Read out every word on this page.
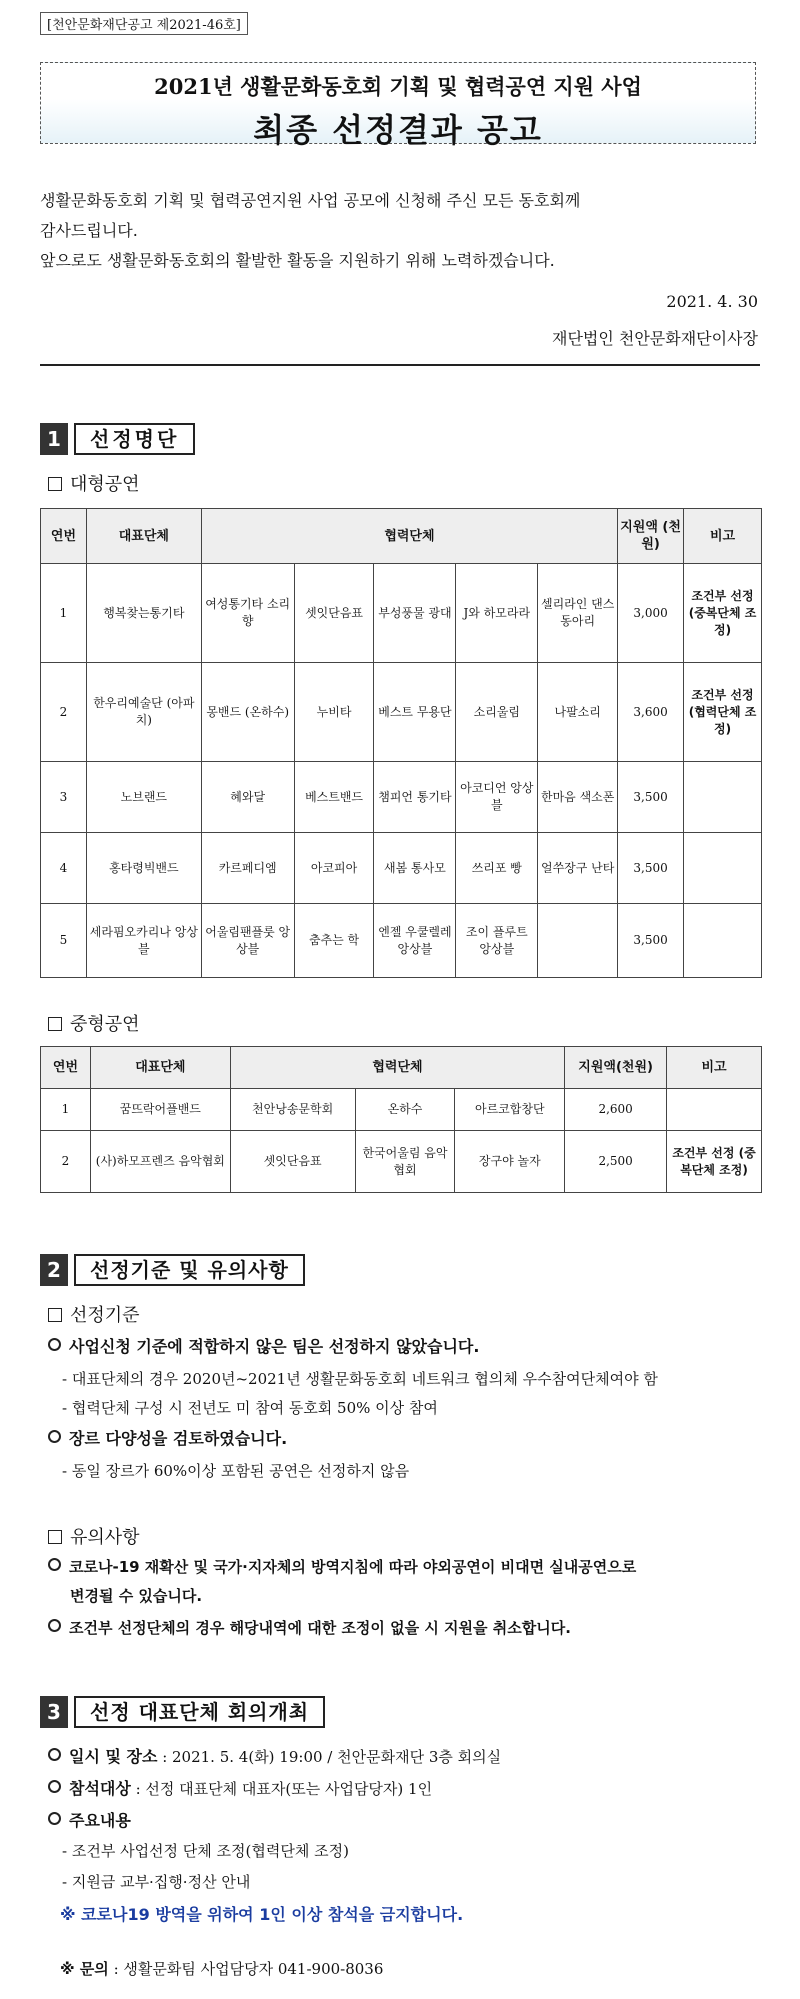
[천안문화재단공고 제2021-46호]
2021년 생활문화동호회 기획 및 협력공연 지원 사업
최종 선정결과 공고
생활문화동호회 기획 및 협력공연지원 사업 공모에 신청해 주신 모든 동호회께
감사드립니다.
앞으로도 생활문화동호회의 활발한 활동을 지원하기 위해 노력하겠습니다.
2021. 4. 30
재단법인 천안문화재단이사장
1 선정명단
대형공연
연번	대표단체	협력단체					지원액 (천원)	비고
1	행복찾는통기타	여성통기타 소리향	셋잇단음표	부성풍물 광대	J와 하모라라	셀리라인 댄스 동아리	3,000	조건부 선정 (중복단체 조정)
2	한우리예술단 (아파치)	몽밴드 (온하수)	누비타	베스트 무용단	소리울림	나팔소리	3,600	조건부 선정 (협력단체 조정)
3	노브랜드	혜와달	베스트밴드	챔피언 통기타	아코디언 앙상블	한마음 색소폰	3,500	
4	홍타령빅밴드	카르페디엠	아코피아	새봄 통사모	쓰리포 빵	얼쑤장구 난타	3,500	
5	세라핌오카리나 앙상블	어울림팬플룻 앙상블	춤추는 학	엔젤 우쿨렐레 앙상블	조이 플루트 앙상블		3,500	
중형공연
연번	대표단체	협력단체			지원액(천원)	비고
1	꿈뜨락어플밴드	천안낭송문학회	온하수	아르코합창단	2,600	
2	(사)하모프렌즈 음악협회	셋잇단음표	한국어울림 음악협회	장구야 놀자	2,500	조건부 선정 (중복단체 조정)
2 선정기준 및 유의사항
선정기준
사업신청 기준에 적합하지 않은 팀은 선정하지 않았습니다.
- 대표단체의 경우 2020년~2021년 생활문화동호회 네트워크 협의체 우수참여단체여야 함
- 협력단체 구성 시 전년도 미 참여 동호회 50% 이상 참여
장르 다양성을 검토하였습니다.
- 동일 장르가 60%이상 포함된 공연은 선정하지 않음
유의사항
코로나-19 재확산 및 국가·지자체의 방역지침에 따라 야외공연이 비대면 실내공연으로
변경될 수 있습니다.
조건부 선정단체의 경우 해당내역에 대한 조정이 없을 시 지원을 취소합니다.
3 선정 대표단체 회의개최
일시 및 장소 : 2021. 5. 4(화) 19:00 / 천안문화재단 3층 회의실
참석대상 : 선정 대표단체 대표자(또는 사업담당자) 1인
주요내용
- 조건부 사업선정 단체 조정(협력단체 조정)
- 지원금 교부·집행·정산 안내
※ 코로나19 방역을 위하여 1인 이상 참석을 금지합니다.
※ 문의 : 생활문화팀 사업담당자 041-900-8036
